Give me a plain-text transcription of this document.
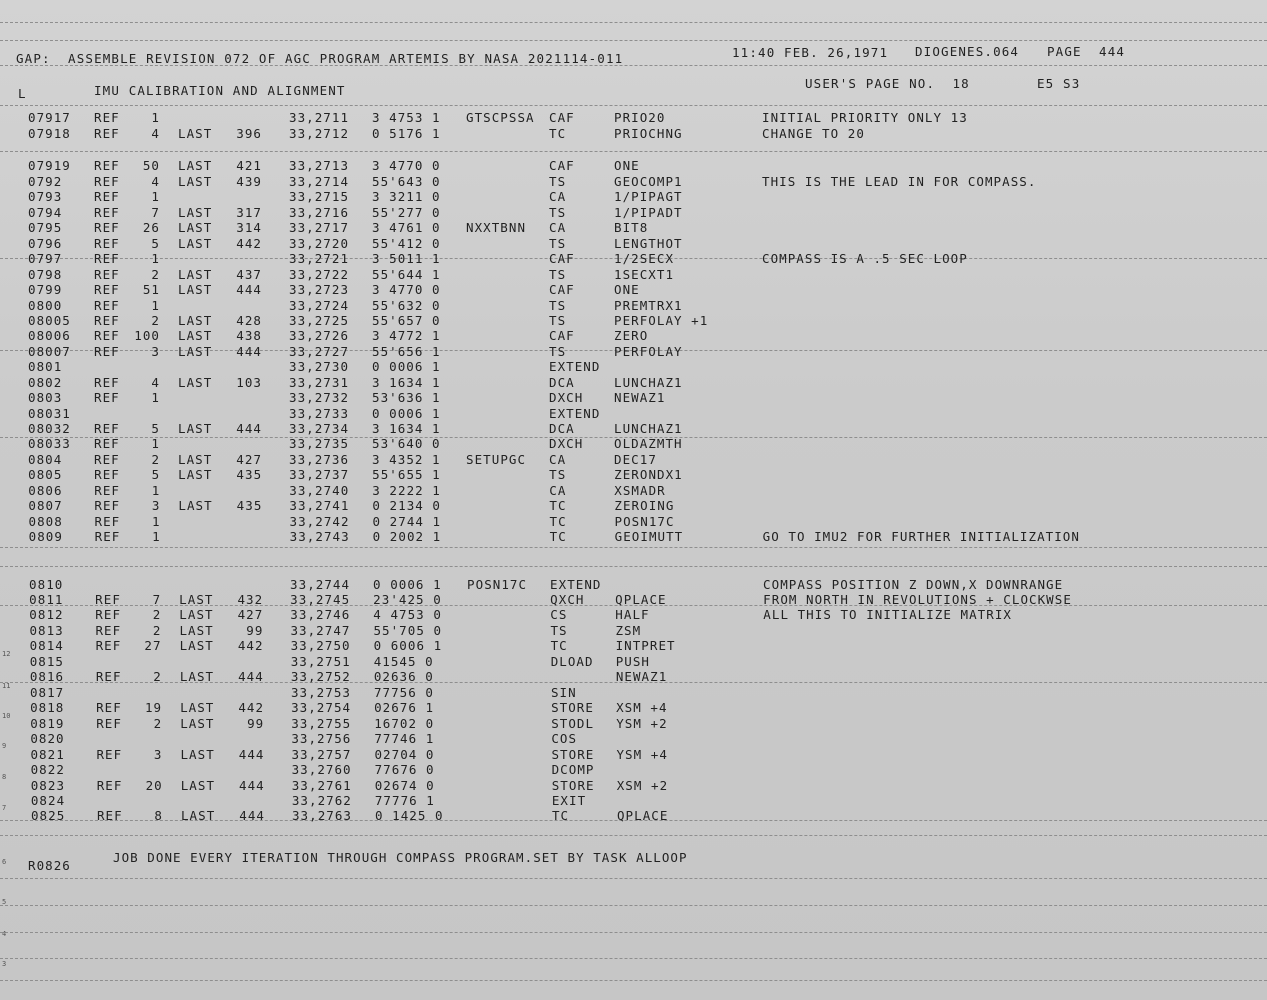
GAP:  ASSEMBLE REVISION 072 OF AGC PROGRAM ARTEMIS BY NASA 2021114-011	11:40 FEB. 26,1971 DIOGENES.064 PAGE  444
L	IMU CALIBRATION AND ALIGNMENT	USER'S PAGE NO.  18	E5 S3
07917 REF	1	33,2711 3 4753 1 GTSCPSSA CAF	PRIO20	INITIAL PRIORITY ONLY 13
07918 REF	4 LAST 396 33,2712 0 5176 1	TC	PRIOCHNG	CHANGE TO 20
07919 REF 50 LAST 421 33,2713 3 4770 0	CAF	ONE
0792	REF	4 LAST 439 33,2714 55'643 0	TS	GEOCOMP1	THIS IS THE LEAD IN FOR COMPASS.
0793	REF	1	33,2715 3 3211 0	CA	1/PIPAGT
0794	REF	7 LAST 317 33,2716 55'277 0	TS	1/PIPADT
0795	REF 26 LAST 314 33,2717 3 4761 0 NXXTBNN CA	BIT8
0796	REF	5 LAST 442 33,2720 55'412 0	TS	LENGTHOT
0797	REF	1	33,2721 3 5011 1	CAF	1/2SECX	COMPASS IS A .5 SEC LOOP
0798	REF	2 LAST 437 33,2722 55'644 1	TS	1SECXT1
0799	REF 51 LAST 444 33,2723 3 4770 0	CAF	ONE
0800	REF	1	33,2724 55'632 0	TS	PREMTRX1
08005 REF	2 LAST 428 33,2725 55'657 0	TS	PERFOLAY +1
08006 REF 100 LAST 438 33,2726 3 4772 1	CAF	ZERO
08007 REF	3 LAST 444 33,2727 55'656 1	TS	PERFOLAY
0801	33,2730 0 0006 1	EXTEND
0802	REF	4 LAST 103 33,2731 3 1634 1	DCA	LUNCHAZ1
0803	REF	1	33,2732 53'636 1	DXCH NEWAZ1
08031	33,2733 0 0006 1	EXTEND
08032 REF	5 LAST 444 33,2734 3 1634 1	DCA	LUNCHAZ1
08033 REF	1	33,2735 53'640 0	DXCH OLDAZMTH
0804	REF	2 LAST 427 33,2736 3 4352 1 SETUPGC CA	DEC17
0805	REF	5 LAST 435 33,2737 55'655 1	TS	ZERONDX1
0806	REF	1	33,2740 3 2222 1	CA	XSMADR
0807	REF	3 LAST 435 33,2741 0 2134 0	TC	ZEROING
0808	REF	1	33,2742 0 2744 1	TC	POSN17C
0809	REF	1	33,2743 0 2002 1	TC	GEOIMUTT	GO TO IMU2 FOR FURTHER INITIALIZATION
0810	33,2744 0 0006 1 POSN17C EXTEND	COMPASS POSITION Z DOWN,X DOWNRANGE
0811	REF	7 LAST 432 33,2745 23'425 0	QXCH QPLACE	FROM NORTH IN REVOLUTIONS + CLOCKWSE
0812	REF	2 LAST 427 33,2746 4 4753 0	CS	HALF	ALL THIS TO INITIALIZE MATRIX
0813	REF	2 LAST	99 33,2747 55'705 0	TS	ZSM
0814	REF 27 LAST 442 33,2750 0 6006 1	TC	INTPRET
0815	33,2751 41545 0	DLOAD PUSH
0816	REF	2 LAST 444 33,2752 02636 0	NEWAZ1
0817	33,2753 77756 0	SIN
0818	REF 19 LAST 442 33,2754 02676 1	STORE XSM +4
0819	REF	2 LAST	99 33,2755 16702 0	STODL YSM +2
0820	33,2756 77746 1	COS
0821	REF	3 LAST 444 33,2757 02704 0	STORE YSM +4
0822	33,2760 77676 0	DCOMP
0823	REF 20 LAST 444 33,2761 02674 0	STORE XSM +2
0824	33,2762 77776 1	EXIT
0825	REF	8 LAST 444 33,2763 0 1425 0	TC	QPLACE
R0826
JOB DONE EVERY ITERATION THROUGH COMPASS PROGRAM.SET BY TASK ALLOOP
12
11
10
9
8
7
6
5
4
3
